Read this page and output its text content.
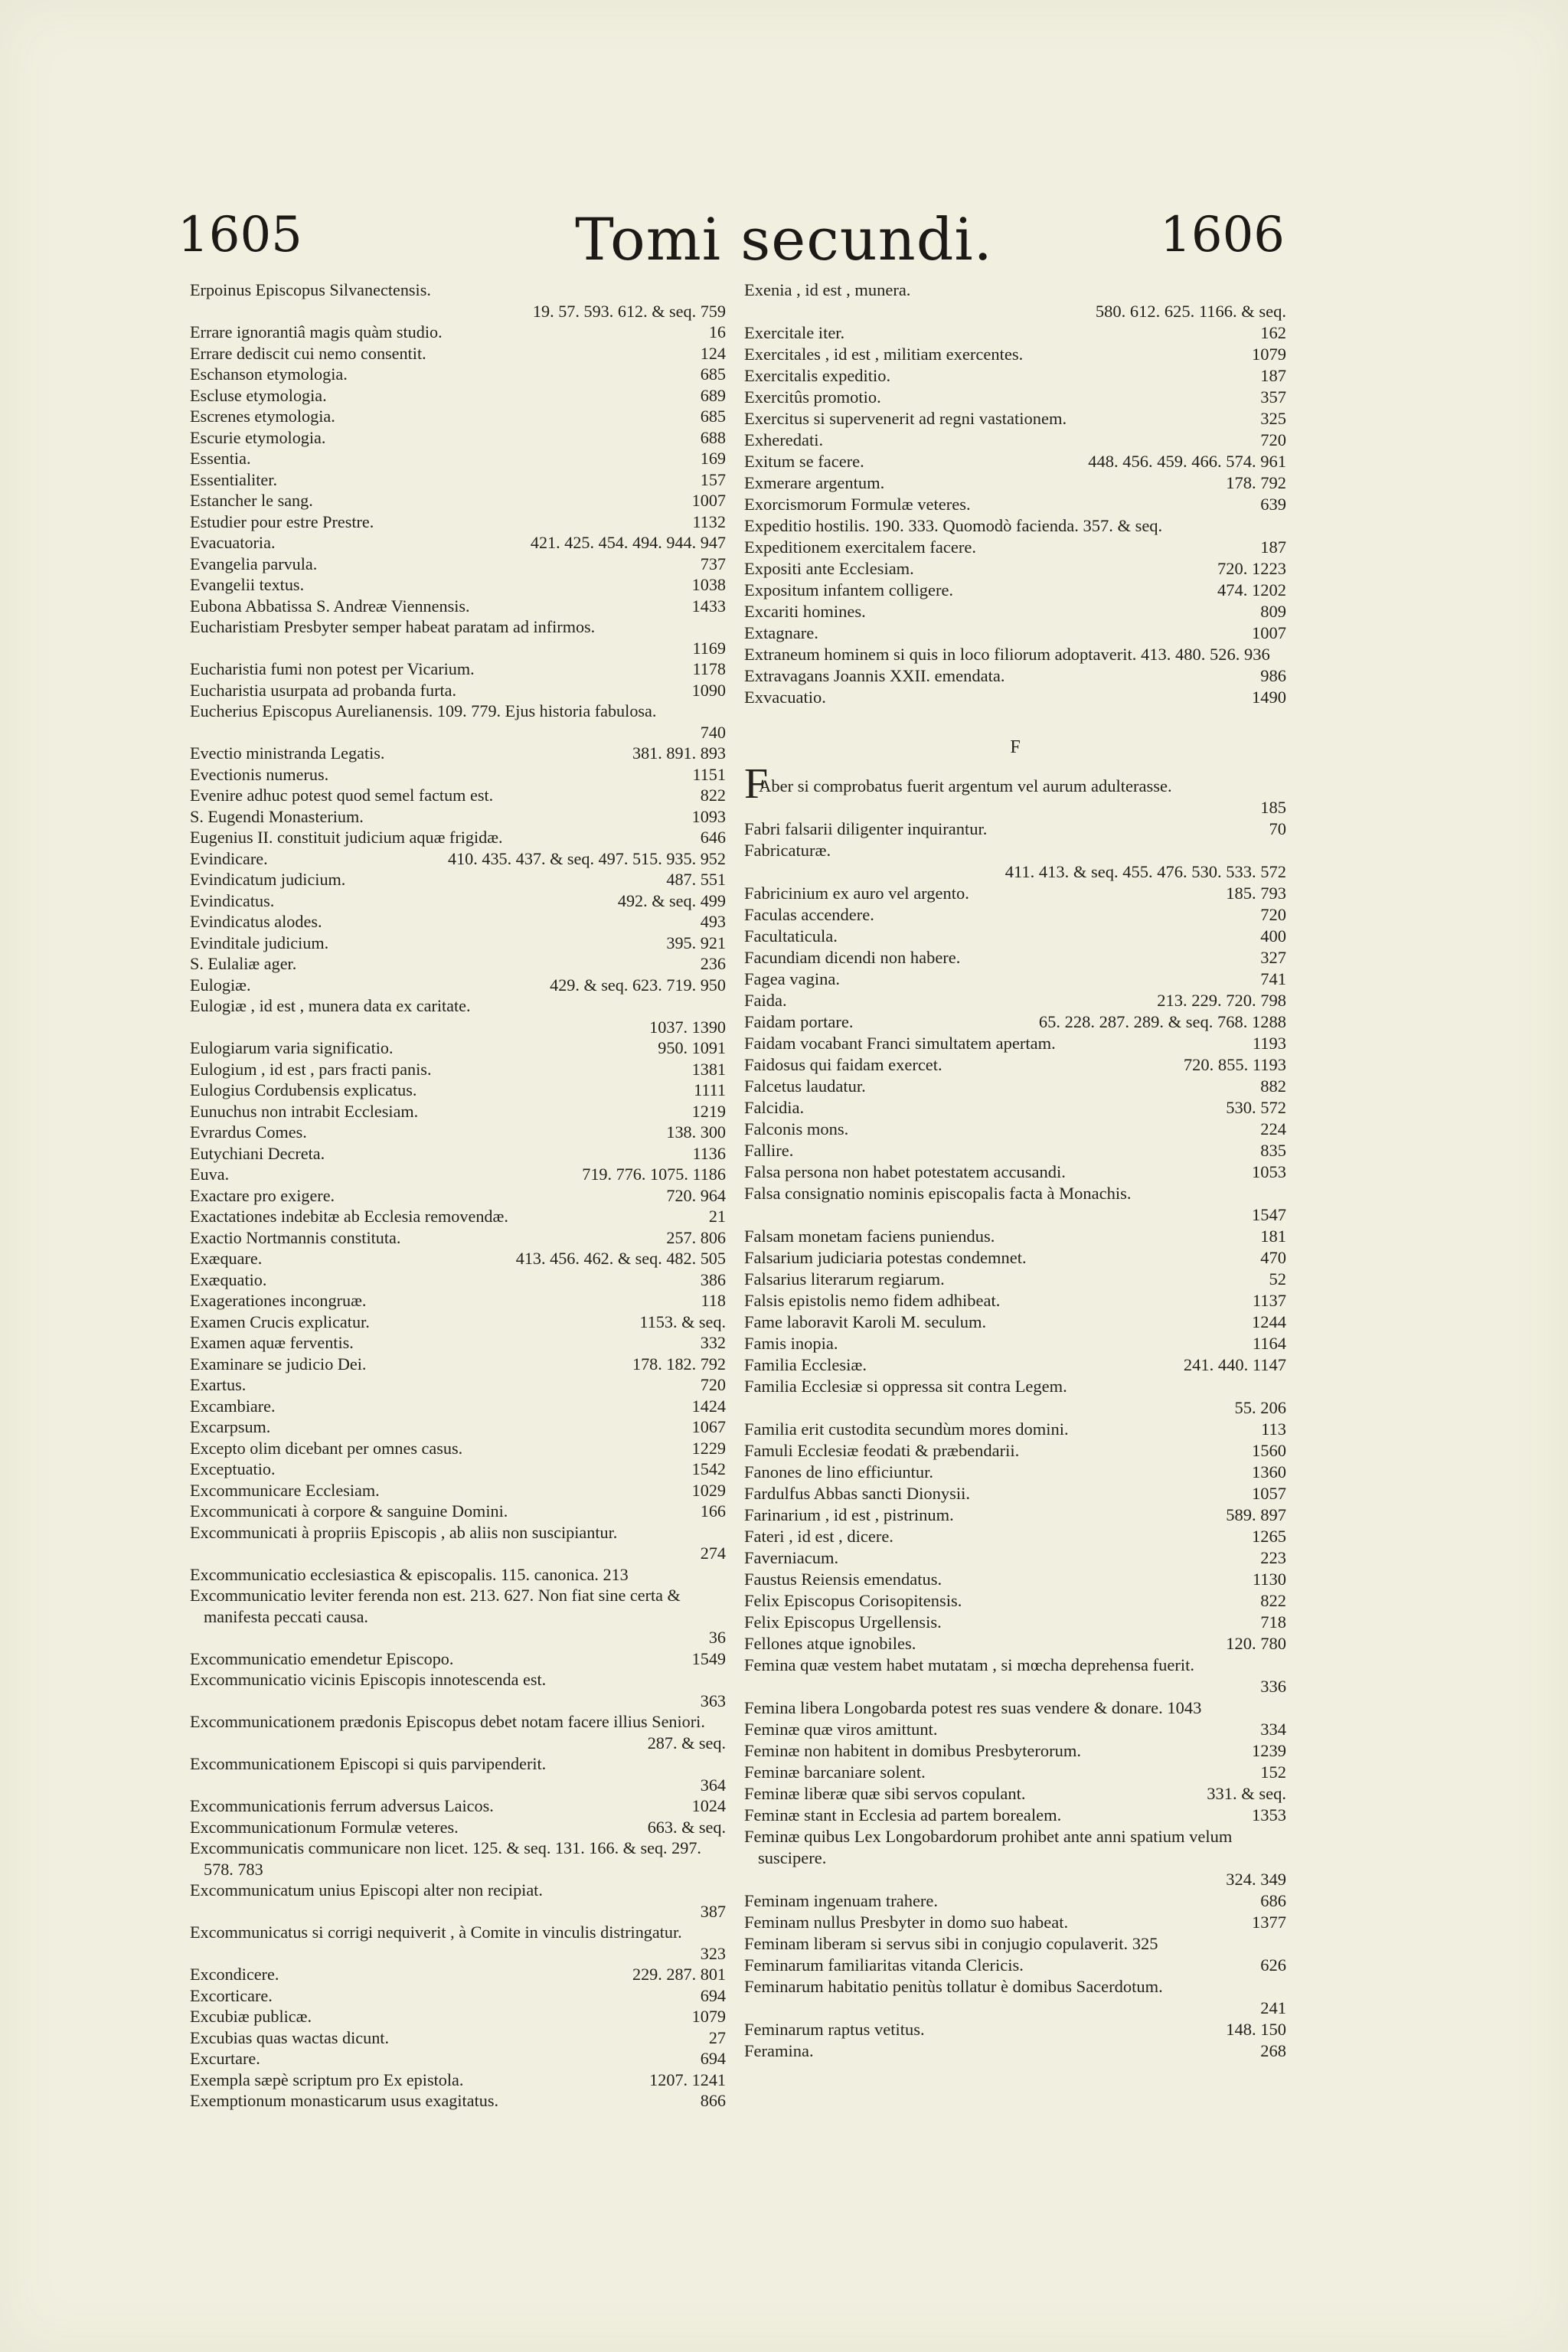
1605	Tomi secundi.	1606
Erpoinus Episcopus Silvanectensis.
19. 57. 593. 612. & seq. 759
Errare ignorantiâ magis quàm studio.	16
Errare dediscit cui nemo consentit.	124
Eschanson etymologia.	685
Escluse etymologia.	689
Escrenes etymologia.	685
Escurie etymologia.	688
Essentia.	169
Essentialiter.	157
Estancher le sang.	1007
Estudier pour estre Prestre.	1132
Evacuatoria.	421. 425. 454. 494. 944. 947
Evangelia parvula.	737
Evangelii textus.	1038
Eubona Abbatissa S. Andreæ Viennensis.	1433
Eucharistiam Presbyter semper habeat paratam ad infirmos.
1169
Eucharistia fumi non potest per Vicarium.	1178
Eucharistia usurpata ad probanda furta.	1090
Eucherius Episcopus Aurelianensis. 109. 779. Ejus historia fabulosa.
740
Evectio ministranda Legatis.	381. 891. 893
Evectionis numerus.	1151
Evenire adhuc potest quod semel factum est.	822
S. Eugendi Monasterium.	1093
Eugenius II. constituit judicium aquæ frigidæ.	646
Evindicare.	410. 435. 437. & seq. 497. 515. 935. 952
Evindicatum judicium.	487. 551
Evindicatus.	492. & seq. 499
Evindicatus alodes.	493
Evinditale judicium.	395. 921
S. Eulaliæ ager.	236
Eulogiæ.	429. & seq. 623. 719. 950
Eulogiæ , id est , munera data ex caritate.
1037. 1390
Eulogiarum varia significatio.	950. 1091
Eulogium , id est , pars fracti panis.	1381
Eulogius Cordubensis explicatus.	1111
Eunuchus non intrabit Ecclesiam.	1219
Evrardus Comes.	138. 300
Eutychiani Decreta.	1136
Euva.	719. 776. 1075. 1186
Exactare pro exigere.	720. 964
Exactationes indebitæ ab Ecclesia removendæ.	21
Exactio Nortmannis constituta.	257. 806
Exæquare.	413. 456. 462. & seq. 482. 505
Exæquatio.	386
Exagerationes incongruæ.	118
Examen Crucis explicatur.	1153. & seq.
Examen aquæ ferventis.	332
Examinare se judicio Dei.	178. 182. 792
Exartus.	720
Excambiare.	1424
Excarpsum.	1067
Excepto olim dicebant per omnes casus.	1229
Exceptuatio.	1542
Excommunicare Ecclesiam.	1029
Excommunicati à corpore & sanguine Domini.	166
Excommunicati à propriis Episcopis , ab aliis non suscipiantur.
274
Excommunicatio ecclesiastica & episcopalis. 115. canonica. 213
Excommunicatio leviter ferenda non est. 213. 627. Non fiat sine certa & manifesta peccati causa.
36
Excommunicatio emendetur Episcopo.	1549
Excommunicatio vicinis Episcopis innotescenda est.
363
Excommunicationem prædonis Episcopus debet notam facere illius Seniori.
287. & seq.
Excommunicationem Episcopi si quis parvipenderit.
364
Excommunicationis ferrum adversus Laicos.	1024
Excommunicationum Formulæ veteres.	663. & seq.
Excommunicatis communicare non licet. 125. & seq. 131. 166. & seq. 297. 578. 783
Excommunicatum unius Episcopi alter non recipiat.
387
Excommunicatus si corrigi nequiverit , à Comite in vinculis distringatur.
323
Excondicere.	229. 287. 801
Excorticare.	694
Excubiæ publicæ.	1079
Excubias quas wactas dicunt.	27
Excurtare.	694
Exempla sæpè scriptum pro Ex epistola.	1207. 1241
Exemptionum monasticarum usus exagitatus.	866
Exenia , id est , munera.
580. 612. 625. 1166. & seq.
Exercitale iter.	162
Exercitales , id est , militiam exercentes.	1079
Exercitalis expeditio.	187
Exercitûs promotio.	357
Exercitus si supervenerit ad regni vastationem.	325
Exheredati.	720
Exitum se facere.	448. 456. 459. 466. 574. 961
Exmerare argentum.	178. 792
Exorcismorum Formulæ veteres.	639
Expeditio hostilis. 190. 333. Quomodò facienda. 357. & seq.
Expeditionem exercitalem facere.	187
Expositi ante Ecclesiam.	720. 1223
Expositum infantem colligere.	474. 1202
Excariti homines.	809
Extagnare.	1007
Extraneum hominem si quis in loco filiorum adoptaverit. 413. 480. 526. 936
Extravagans Joannis XXII. emendata.	986
Exvacuatio.	1490
F
FAber si comprobatus fuerit argentum vel aurum adulterasse.
185
Fabri falsarii diligenter inquirantur.	70
Fabricaturæ.
411. 413. & seq. 455. 476. 530. 533. 572
Fabricinium ex auro vel argento.	185. 793
Faculas accendere.	720
Facultaticula.	400
Facundiam dicendi non habere.	327
Fagea vagina.	741
Faida.	213. 229. 720. 798
Faidam portare.	65. 228. 287. 289. & seq. 768. 1288
Faidam vocabant Franci simultatem apertam.	1193
Faidosus qui faidam exercet.	720. 855. 1193
Falcetus laudatur.	882
Falcidia.	530. 572
Falconis mons.	224
Fallire.	835
Falsa persona non habet potestatem accusandi.	1053
Falsa consignatio nominis episcopalis facta à Monachis.
1547
Falsam monetam faciens puniendus.	181
Falsarium judiciaria potestas condemnet.	470
Falsarius literarum regiarum.	52
Falsis epistolis nemo fidem adhibeat.	1137
Fame laboravit Karoli M. seculum.	1244
Famis inopia.	1164
Familia Ecclesiæ.	241. 440. 1147
Familia Ecclesiæ si oppressa sit contra Legem.
55. 206
Familia erit custodita secundùm mores domini.	113
Famuli Ecclesiæ feodati & præbendarii.	1560
Fanones de lino efficiuntur.	1360
Fardulfus Abbas sancti Dionysii.	1057
Farinarium , id est , pistrinum.	589. 897
Fateri , id est , dicere.	1265
Faverniacum.	223
Faustus Reiensis emendatus.	1130
Felix Episcopus Corisopitensis.	822
Felix Episcopus Urgellensis.	718
Fellones atque ignobiles.	120. 780
Femina quæ vestem habet mutatam , si mœcha deprehensa fuerit.
336
Femina libera Longobarda potest res suas vendere & donare. 1043
Feminæ quæ viros amittunt.	334
Feminæ non habitent in domibus Presbyterorum.	1239
Feminæ barcaniare solent.	152
Feminæ liberæ quæ sibi servos copulant.	331. & seq.
Feminæ stant in Ecclesia ad partem borealem.	1353
Feminæ quibus Lex Longobardorum prohibet ante anni spatium velum suscipere.
324. 349
Feminam ingenuam trahere.	686
Feminam nullus Presbyter in domo suo habeat.	1377
Feminam liberam si servus sibi in conjugio copulaverit. 325
Feminarum familiaritas vitanda Clericis.	626
Feminarum habitatio penitùs tollatur è domibus Sacerdotum.
241
Feminarum raptus vetitus.	148. 150
Feramina.	268
